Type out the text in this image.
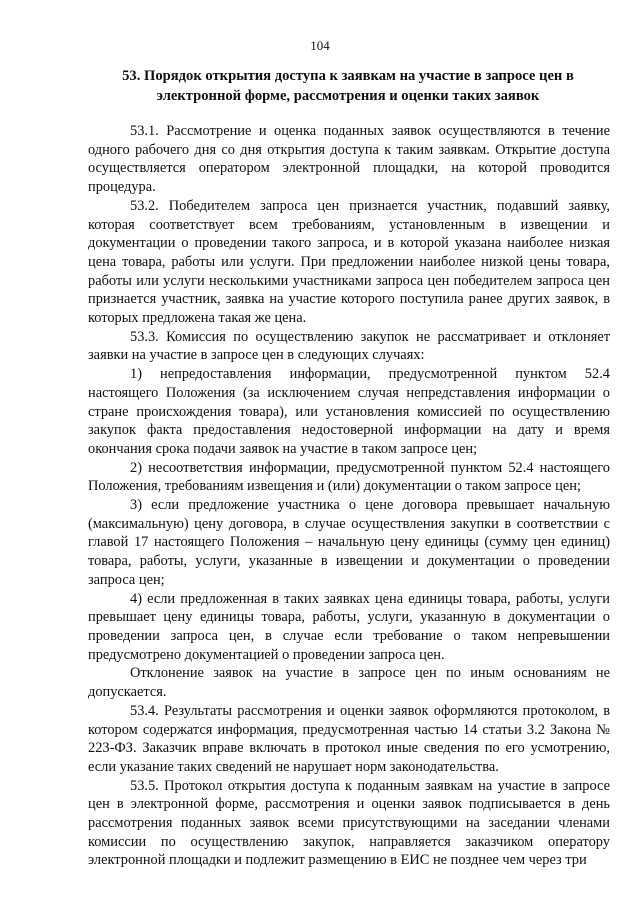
104
53. Порядок открытия доступа к заявкам на участие в запросе цен в электронной форме, рассмотрения и оценки таких заявок

53.1. Рассмотрение и оценка поданных заявок осуществляются в течение одного рабочего дня со дня открытия доступа к таким заявкам. Открытие доступа осуществляется оператором электронной площадки, на которой проводится процедура.

53.2. Победителем запроса цен признается участник, подавший заявку, которая соответствует всем требованиям, установленным в извещении и документации о проведении такого запроса, и в которой указана наиболее низкая цена товара, работы или услуги. При предложении наиболее низкой цены товара, работы или услуги несколькими участниками запроса цен победителем запроса цен признается участник, заявка на участие которого поступила ранее других заявок, в которых предложена такая же цена.

53.3. Комиссия по осуществлению закупок не рассматривает и отклоняет заявки на участие в запросе цен в следующих случаях:

1) непредоставления информации, предусмотренной пунктом 52.4 настоящего Положения (за исключением случая непредставления информации о стране происхождения товара), или установления комиссией по осуществлению закупок факта предоставления недостоверной информации на дату и время окончания срока подачи заявок на участие в таком запросе цен;

2) несоответствия информации, предусмотренной пунктом 52.4 настоящего Положения, требованиям извещения и (или) документации о таком запросе цен;

3) если предложение участника о цене договора превышает начальную (максимальную) цену договора, в случае осуществления закупки в соответствии с главой 17 настоящего Положения – начальную цену единицы (сумму цен единиц) товара, работы, услуги, указанные в извещении и документации о проведении запроса цен;

4) если предложенная в таких заявках цена единицы товара, работы, услуги превышает цену единицы товара, работы, услуги, указанную в документации о проведении запроса цен, в случае если требование о таком непревышении предусмотрено документацией о проведении запроса цен.

Отклонение заявок на участие в запросе цен по иным основаниям не допускается.

53.4. Результаты рассмотрения и оценки заявок оформляются протоколом, в котором содержатся информация, предусмотренная частью 14 статьи 3.2 Закона № 223-ФЗ. Заказчик вправе включать в протокол иные сведения по его усмотрению, если указание таких сведений не нарушает норм законодательства.

53.5. Протокол открытия доступа к поданным заявкам на участие в запросе цен в электронной форме, рассмотрения и оценки заявок подписывается в день рассмотрения поданных заявок всеми присутствующими на заседании членами комиссии по осуществлению закупок, направляется заказчиком оператору электронной площадки и подлежит размещению в ЕИС не позднее чем через три
